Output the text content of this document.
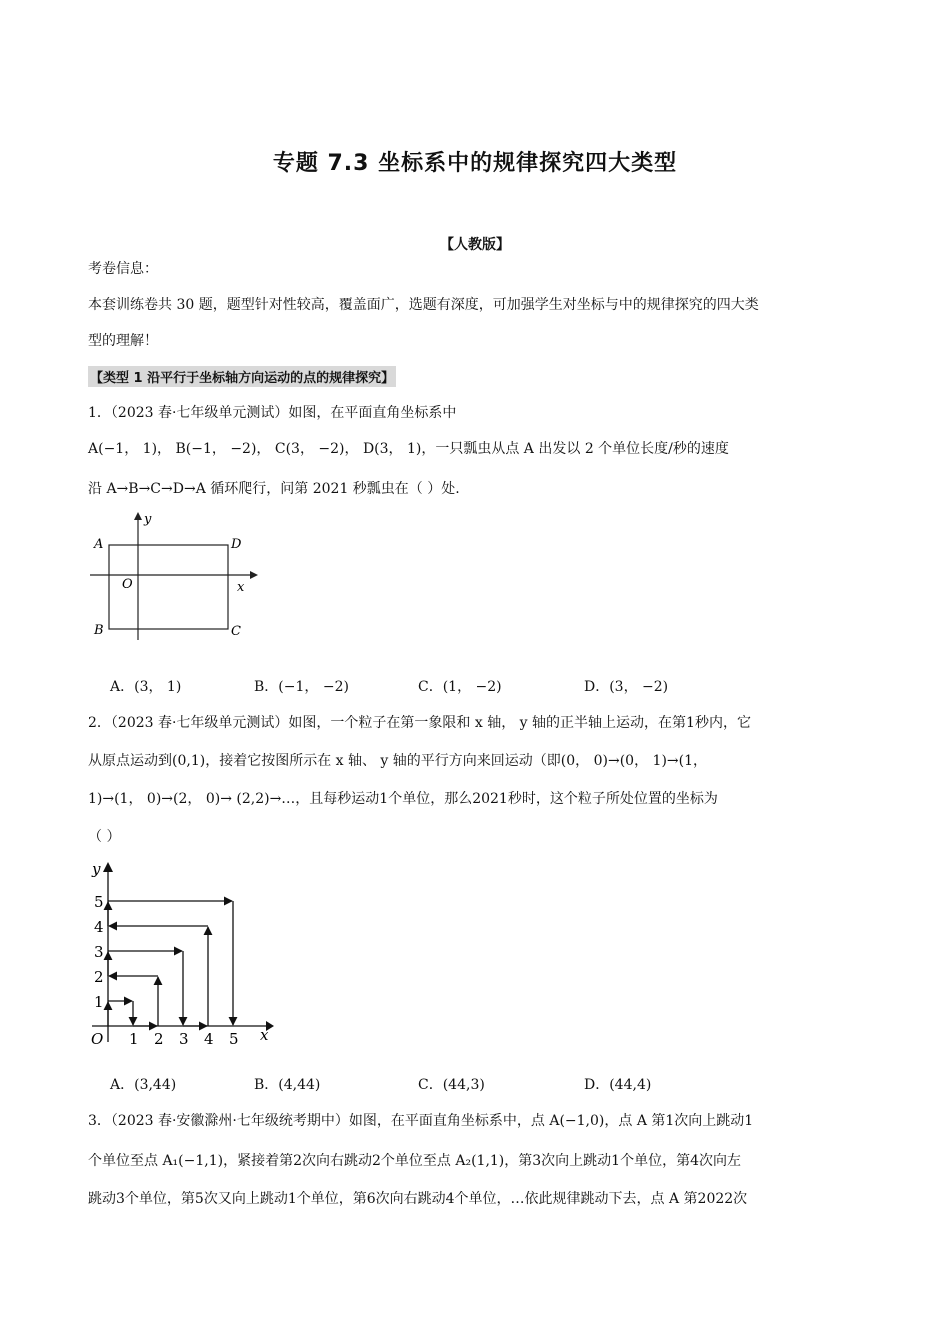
专题 7.3 坐标系中的规律探究四大类型
【人教版】
考卷信息：
本套训练卷共 30 题，题型针对性较高，覆盖面广，选题有深度，可加强学生对坐标与中的规律探究的四大类
型的理解！
【类型 1 沿平行于坐标轴方向运动的点的规律探究】
1．（2023 春·七年级单元测试）如图，在平面直角坐标系中
A(−1， 1)， B(−1， −2)， C(3， −2)， D(3， 1)，一只瓢虫从点 A 出发以 2 个单位长度/秒的速度
沿 A→B→C→D→A 循环爬行，问第 2021 秒瓢虫在（ ）处.
y
x
O
A	D
B	C
A．(3， 1)	B．(−1， −2)	C．(1， −2)	D．(3， −2)
2．（2023 春·七年级单元测试）如图，一个粒子在第一象限和 x 轴， y 轴的正半轴上运动，在第1秒内，它
从原点运动到(0,1)，接着它按图所示在 x 轴、 y 轴的平行方向来回运动（即(0， 0)→(0， 1)→(1，
1)→(1， 0)→(2， 0)→ (2,2)→…，且每秒运动1个单位，那么2021秒时，这个粒子所处位置的坐标为
（ ）
y
x
O 1 2 3 4 5
1
2
3
4
5
A．(3,44)	B．(4,44)	C．(44,3)	D．(44,4)
3．（2023 春·安徽滁州·七年级统考期中）如图，在平面直角坐标系中，点 A(−1,0)，点 A 第1次向上跳动1
个单位至点 A₁(−1,1)，紧接着第2次向右跳动2个单位至点 A₂(1,1)，第3次向上跳动1个单位，第4次向左
跳动3个单位，第5次又向上跳动1个单位，第6次向右跳动4个单位，…依此规律跳动下去，点 A 第2022次
